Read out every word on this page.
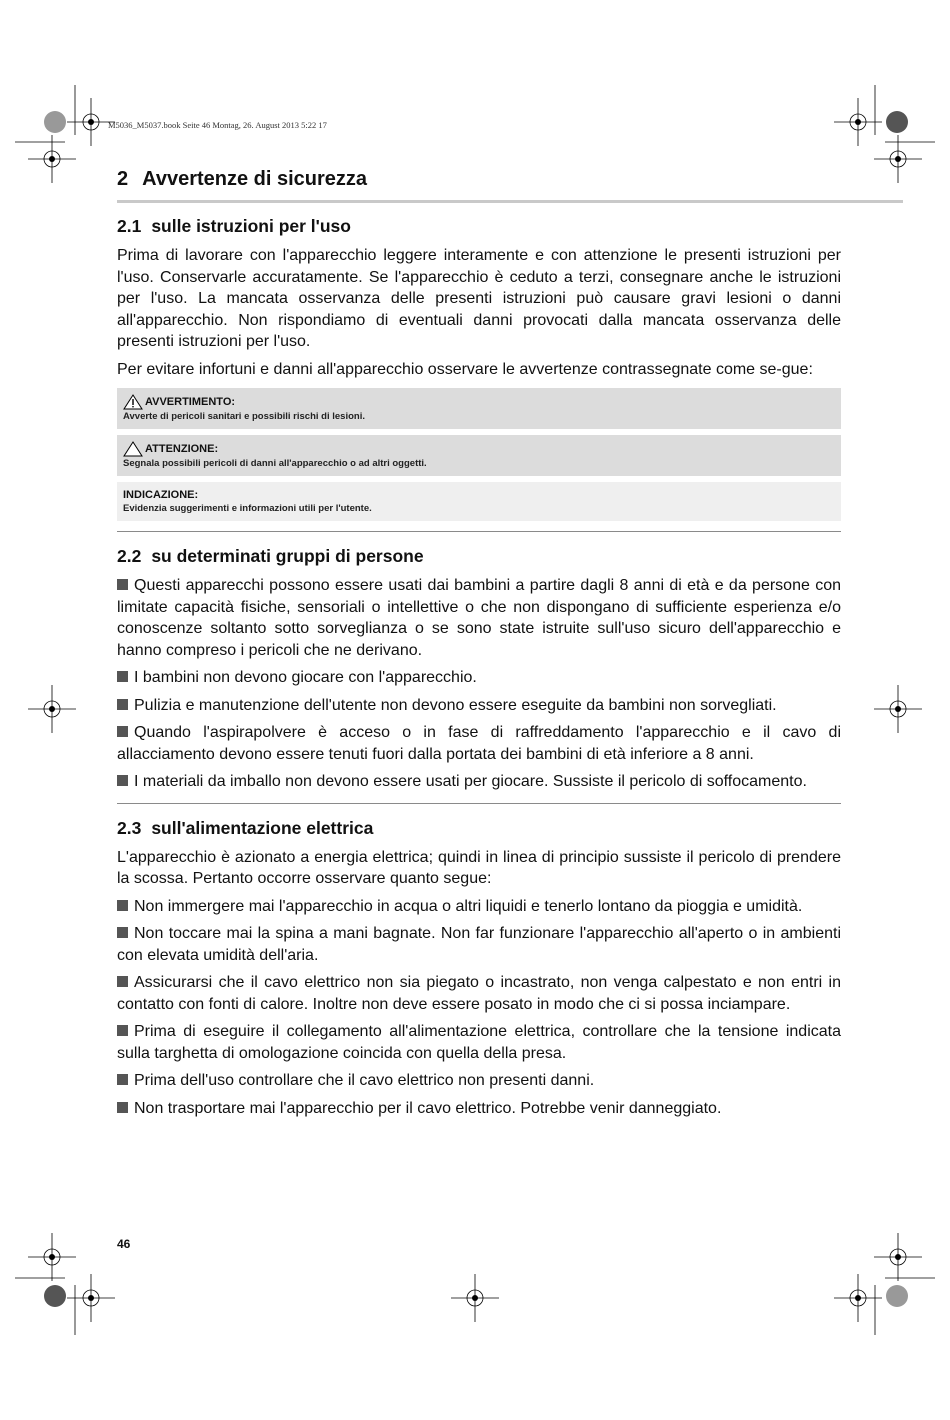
M5036_M5037.book Seite 46 Montag, 26. August 2013 5:22 17
2 Avvertenze di sicurezza
2.1 sulle istruzioni per l'uso

Prima di lavorare con l'apparecchio leggere interamente e con attenzione le presenti istruzioni per l'uso. Conservarle accuratamente. Se l'apparecchio è ceduto a terzi, consegnare anche le istruzioni per l'uso. La mancata osservanza delle presenti istruzioni può causare gravi lesioni o danni all'apparecchio. Non rispondiamo di eventuali danni provocati dalla mancata osservanza delle presenti istruzioni per l'uso.

Per evitare infortuni e danni all'apparecchio osservare le avvertenze contrassegnate come se-gue:

AVVERTIMENTO:
Avverte di pericoli sanitari e possibili rischi di lesioni.
ATTENZIONE:
Segnala possibili pericoli di danni all'apparecchio o ad altri oggetti.
INDICAZIONE:
Evidenzia suggerimenti e informazioni utili per l'utente.
2.2 su determinati gruppi di persone
Questi apparecchi possono essere usati dai bambini a partire dagli 8 anni di età e da persone con limitate capacità fisiche, sensoriali o intellettive o che non dispongano di sufficiente esperienza e/o conoscenze soltanto sotto sorveglianza o se sono state istruite sull'uso sicuro dell'apparecchio e hanno compreso i pericoli che ne derivano.
I bambini non devono giocare con l'apparecchio.
Pulizia e manutenzione dell'utente non devono essere eseguite da bambini non sorvegliati.
Quando l'aspirapolvere è acceso o in fase di raffreddamento l'apparecchio e il cavo di allacciamento devono essere tenuti fuori dalla portata dei bambini di età inferiore a 8 anni.
I materiali da imballo non devono essere usati per giocare. Sussiste il pericolo di soffocamento.
2.3 sull'alimentazione elettrica

L'apparecchio è azionato a energia elettrica; quindi in linea di principio sussiste il pericolo di prendere la scossa. Pertanto occorre osservare quanto segue:

Non immergere mai l'apparecchio in acqua o altri liquidi e tenerlo lontano da pioggia e umidità.
Non toccare mai la spina a mani bagnate. Non far funzionare l'apparecchio all'aperto o in ambienti con elevata umidità dell'aria.
Assicurarsi che il cavo elettrico non sia piegato o incastrato, non venga calpestato e non entri in contatto con fonti di calore. Inoltre non deve essere posato in modo che ci si possa inciampare.
Prima di eseguire il collegamento all'alimentazione elettrica, controllare che la tensione indicata sulla targhetta di omologazione coincida con quella della presa.
Prima dell'uso controllare che il cavo elettrico non presenti danni.
Non trasportare mai l'apparecchio per il cavo elettrico. Potrebbe venir danneggiato.
46
